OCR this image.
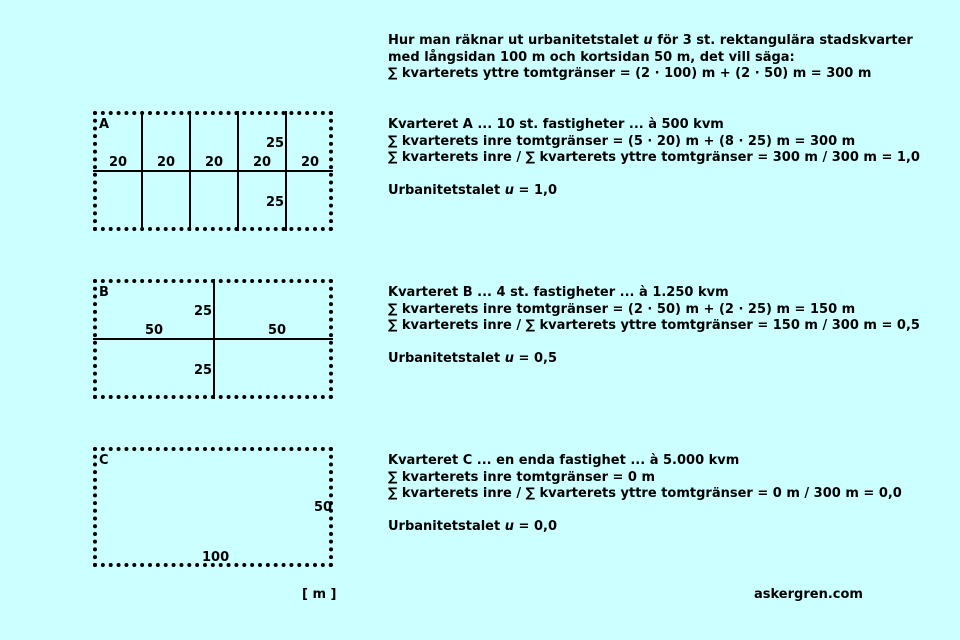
Hur man räknar ut urbanitetstalet u för 3 st. rektangulära stadskvarter

med långsidan 100 m och kortsidan 50 m, det vill säga:

∑ kvarterets yttre tomtgränser = (2 · 100) m + (2 · 50) m = 300 m

A
20 20 20 20 20
25
25

Kvarteret A ... 10 st. fastigheter ... à 500 kvm

∑ kvarterets inre tomtgränser = (5 · 20) m + (8 · 25) m = 300 m

∑ kvarterets inre / ∑ kvarterets yttre tomtgränser = 300 m / 300 m = 1,0

Urbanitetstalet u = 1,0

B
50	50
25
25

Kvarteret B ... 4 st. fastigheter ... à 1.250 kvm

∑ kvarterets inre tomtgränser = (2 · 50) m + (2 · 25) m = 150 m

∑ kvarterets inre / ∑ kvarterets yttre tomtgränser = 150 m / 300 m = 0,5

Urbanitetstalet u = 0,5

C
50
100

Kvarteret C ... en enda fastighet ... à 5.000 kvm

∑ kvarterets inre tomtgränser = 0 m

∑ kvarterets inre / ∑ kvarterets yttre tomtgränser = 0 m / 300 m = 0,0

Urbanitetstalet u = 0,0

[ m ]	askergren.com
